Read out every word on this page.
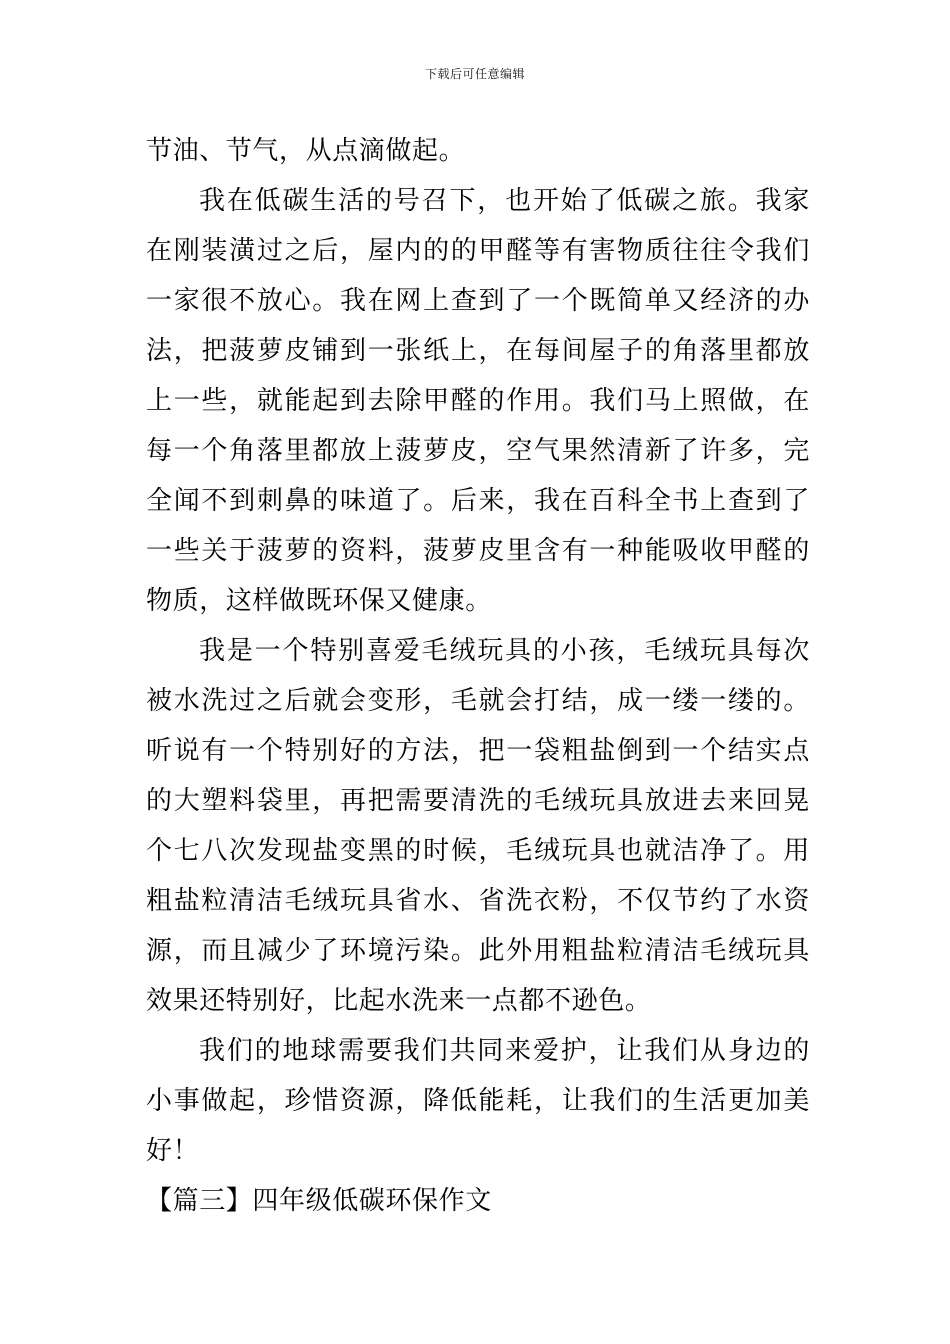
下载后可任意编辑

节油、节气，从点滴做起。

我在低碳生活的号召下，也开始了低碳之旅。我家在刚装潢过之后，屋内的的甲醛等有害物质往往令我们一家很不放心。我在网上查到了一个既简单又经济的办法，把菠萝皮铺到一张纸上，在每间屋子的角落里都放上一些，就能起到去除甲醛的作用。我们马上照做，在每一个角落里都放上菠萝皮，空气果然清新了许多，完全闻不到刺鼻的味道了。后来，我在百科全书上查到了一些关于菠萝的资料，菠萝皮里含有一种能吸收甲醛的物质，这样做既环保又健康。

我是一个特别喜爱毛绒玩具的小孩，毛绒玩具每次被水洗过之后就会变形，毛就会打结，成一缕一缕的。听说有一个特别好的方法，把一袋粗盐倒到一个结实点的大塑料袋里，再把需要清洗的毛绒玩具放进去来回晃个七八次发现盐变黑的时候，毛绒玩具也就洁净了。用粗盐粒清洁毛绒玩具省水、省洗衣粉，不仅节约了水资源，而且减少了环境污染。此外用粗盐粒清洁毛绒玩具效果还特别好，比起水洗来一点都不逊色。

我们的地球需要我们共同来爱护，让我们从身边的小事做起，珍惜资源，降低能耗，让我们的生活更加美好！

【篇三】四年级低碳环保作文
